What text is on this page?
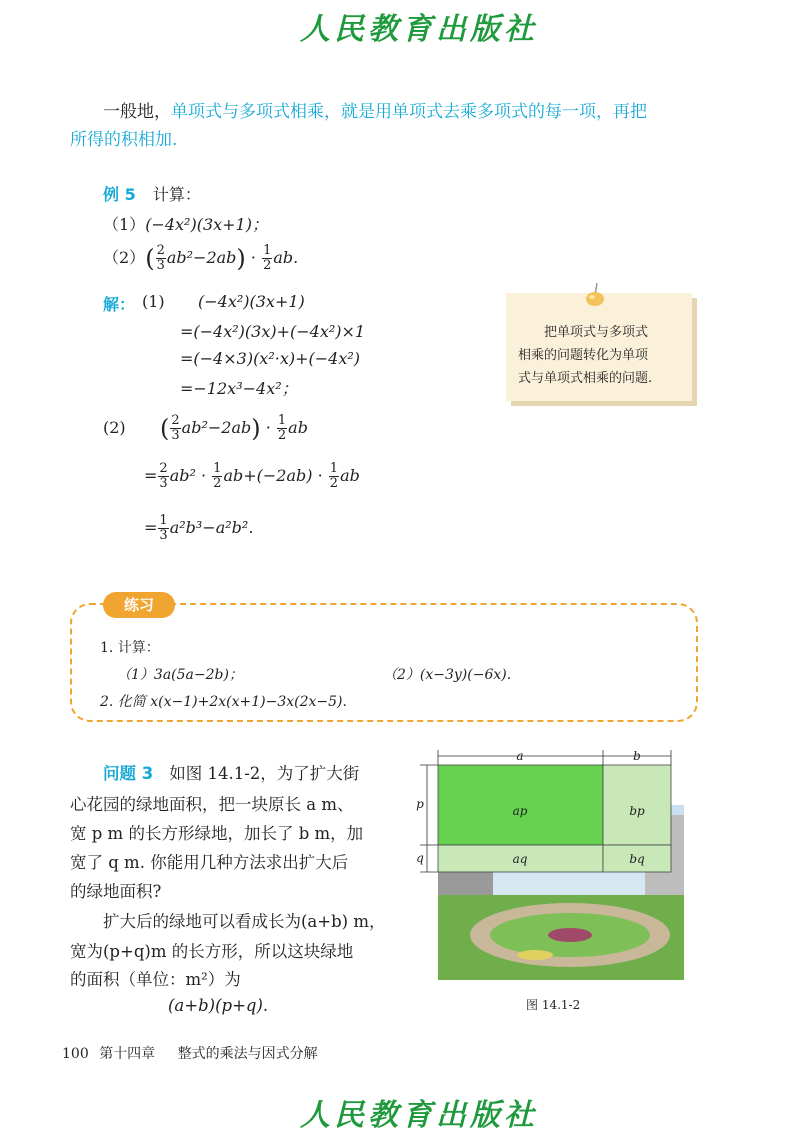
人民教育出版社
一般地，单项式与多项式相乘，就是用单项式去乘多项式的每一项，再把
所得的积相加.
例 5 计算：
（1）(−4x²)(3x+1)；
$(2)( \frac{2}{3} ab^2-2ab) \cdot \frac{1}{2}$ ab.
解： (1) (−4x²)(3x+1)
=(−4x²)(3x)+(−4x²)×1
=(−4×3)(x²·x)+(−4x²)
=−12x³−4x²；
(2) ( $\frac{2}{3} ab^2-2ab) \cdot \frac{1}{2}$ ab
= $\frac{2}{3} ab^2 \cdot \frac{1}{2} ab+(-2ab) \cdot \frac{1}{2}$ ab
= $\frac{1}{3} a^2b^3-a^2b^2$.
把单项式与多项式
相乘的问题转化为单项
式与单项式相乘的问题.
练习
1. 计算：
（1）3a(5a−2b)；	（2）(x−3y)(−6x).
2. 化简 x(x−1)+2x(x+1)−3x(2x−5).
问题 3 如图 14.1-2，为了扩大街
心花园的绿地面积，把一块原长 a m、
宽 p m 的长方形绿地，加长了 b m，加
宽了 q m. 你能用几种方法求出扩大后
的绿地面积?
扩大后的绿地可以看成长为(a+b) m，
宽为(p+q)m 的长方形，所以这块绿地
的面积（单位：m²）为
(a+b)(p+q).
a	b
p
q
ap	bp
aq	bq
图 14.1-2
100 第十四章 整式的乘法与因式分解
人民教育出版社
